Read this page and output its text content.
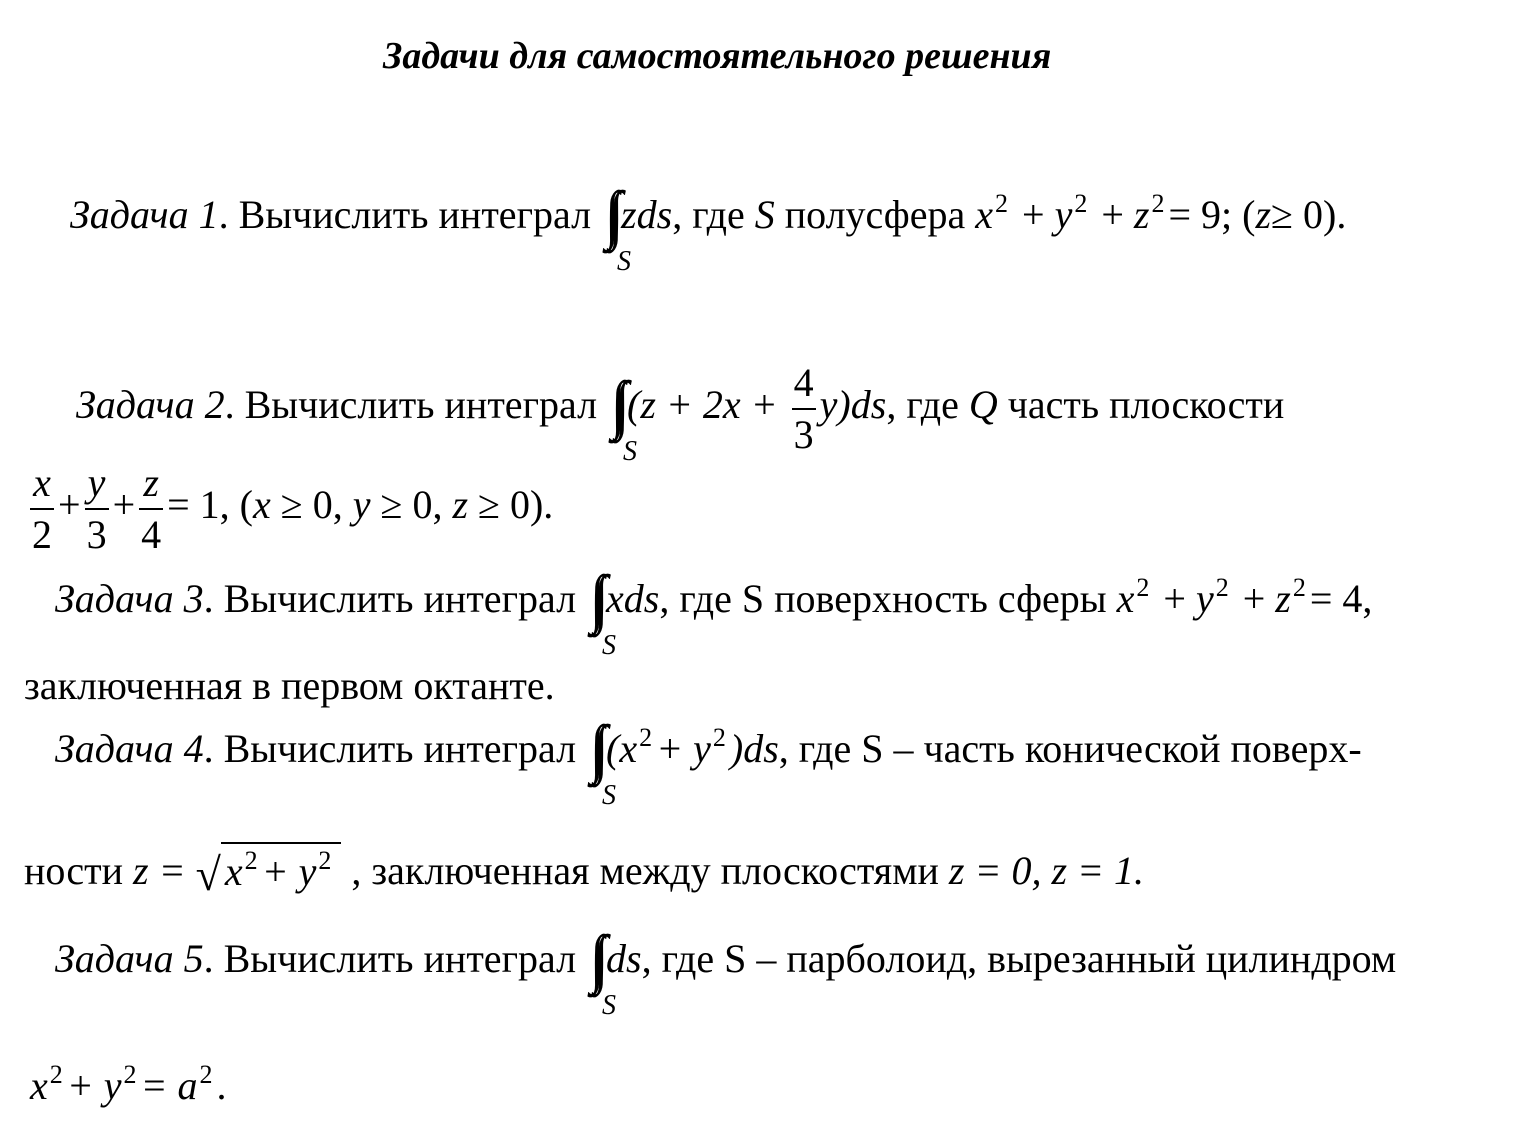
Задачи для самостоятельного решения
Задача 1. Вычислить интеграл
S
zds, где S полусфера $x^2 + y^2 + z^2 = 9$; (z≥ 0).
Задача 2. Вычислить интеграл
S
$(z + 2x + \frac{4}{3} y)ds$, где Q часть плоскости
$\frac{x}{2} + \frac{y}{3} + \frac{z}{4} = 1$, (x ≥ 0, y ≥ 0, z ≥ 0).
Задача 3. Вычислить интеграл
S
xds, где S поверхность сферы $x^2 + y^2 + z^2 = 4$,
заключенная в первом октанте.
Задача 4. Вычислить интеграл
S
($x^2 + y^2$ )ds, где S – часть конической поверх-
ности z = √ $x^2 + y^2$ , заключенная между плоскостями z = 0, z = 1.
Задача 5. Вычислить интеграл
S
ds, где S – парболоид, вырезанный цилиндром
$x^2 + y^2 = a^2$ .
